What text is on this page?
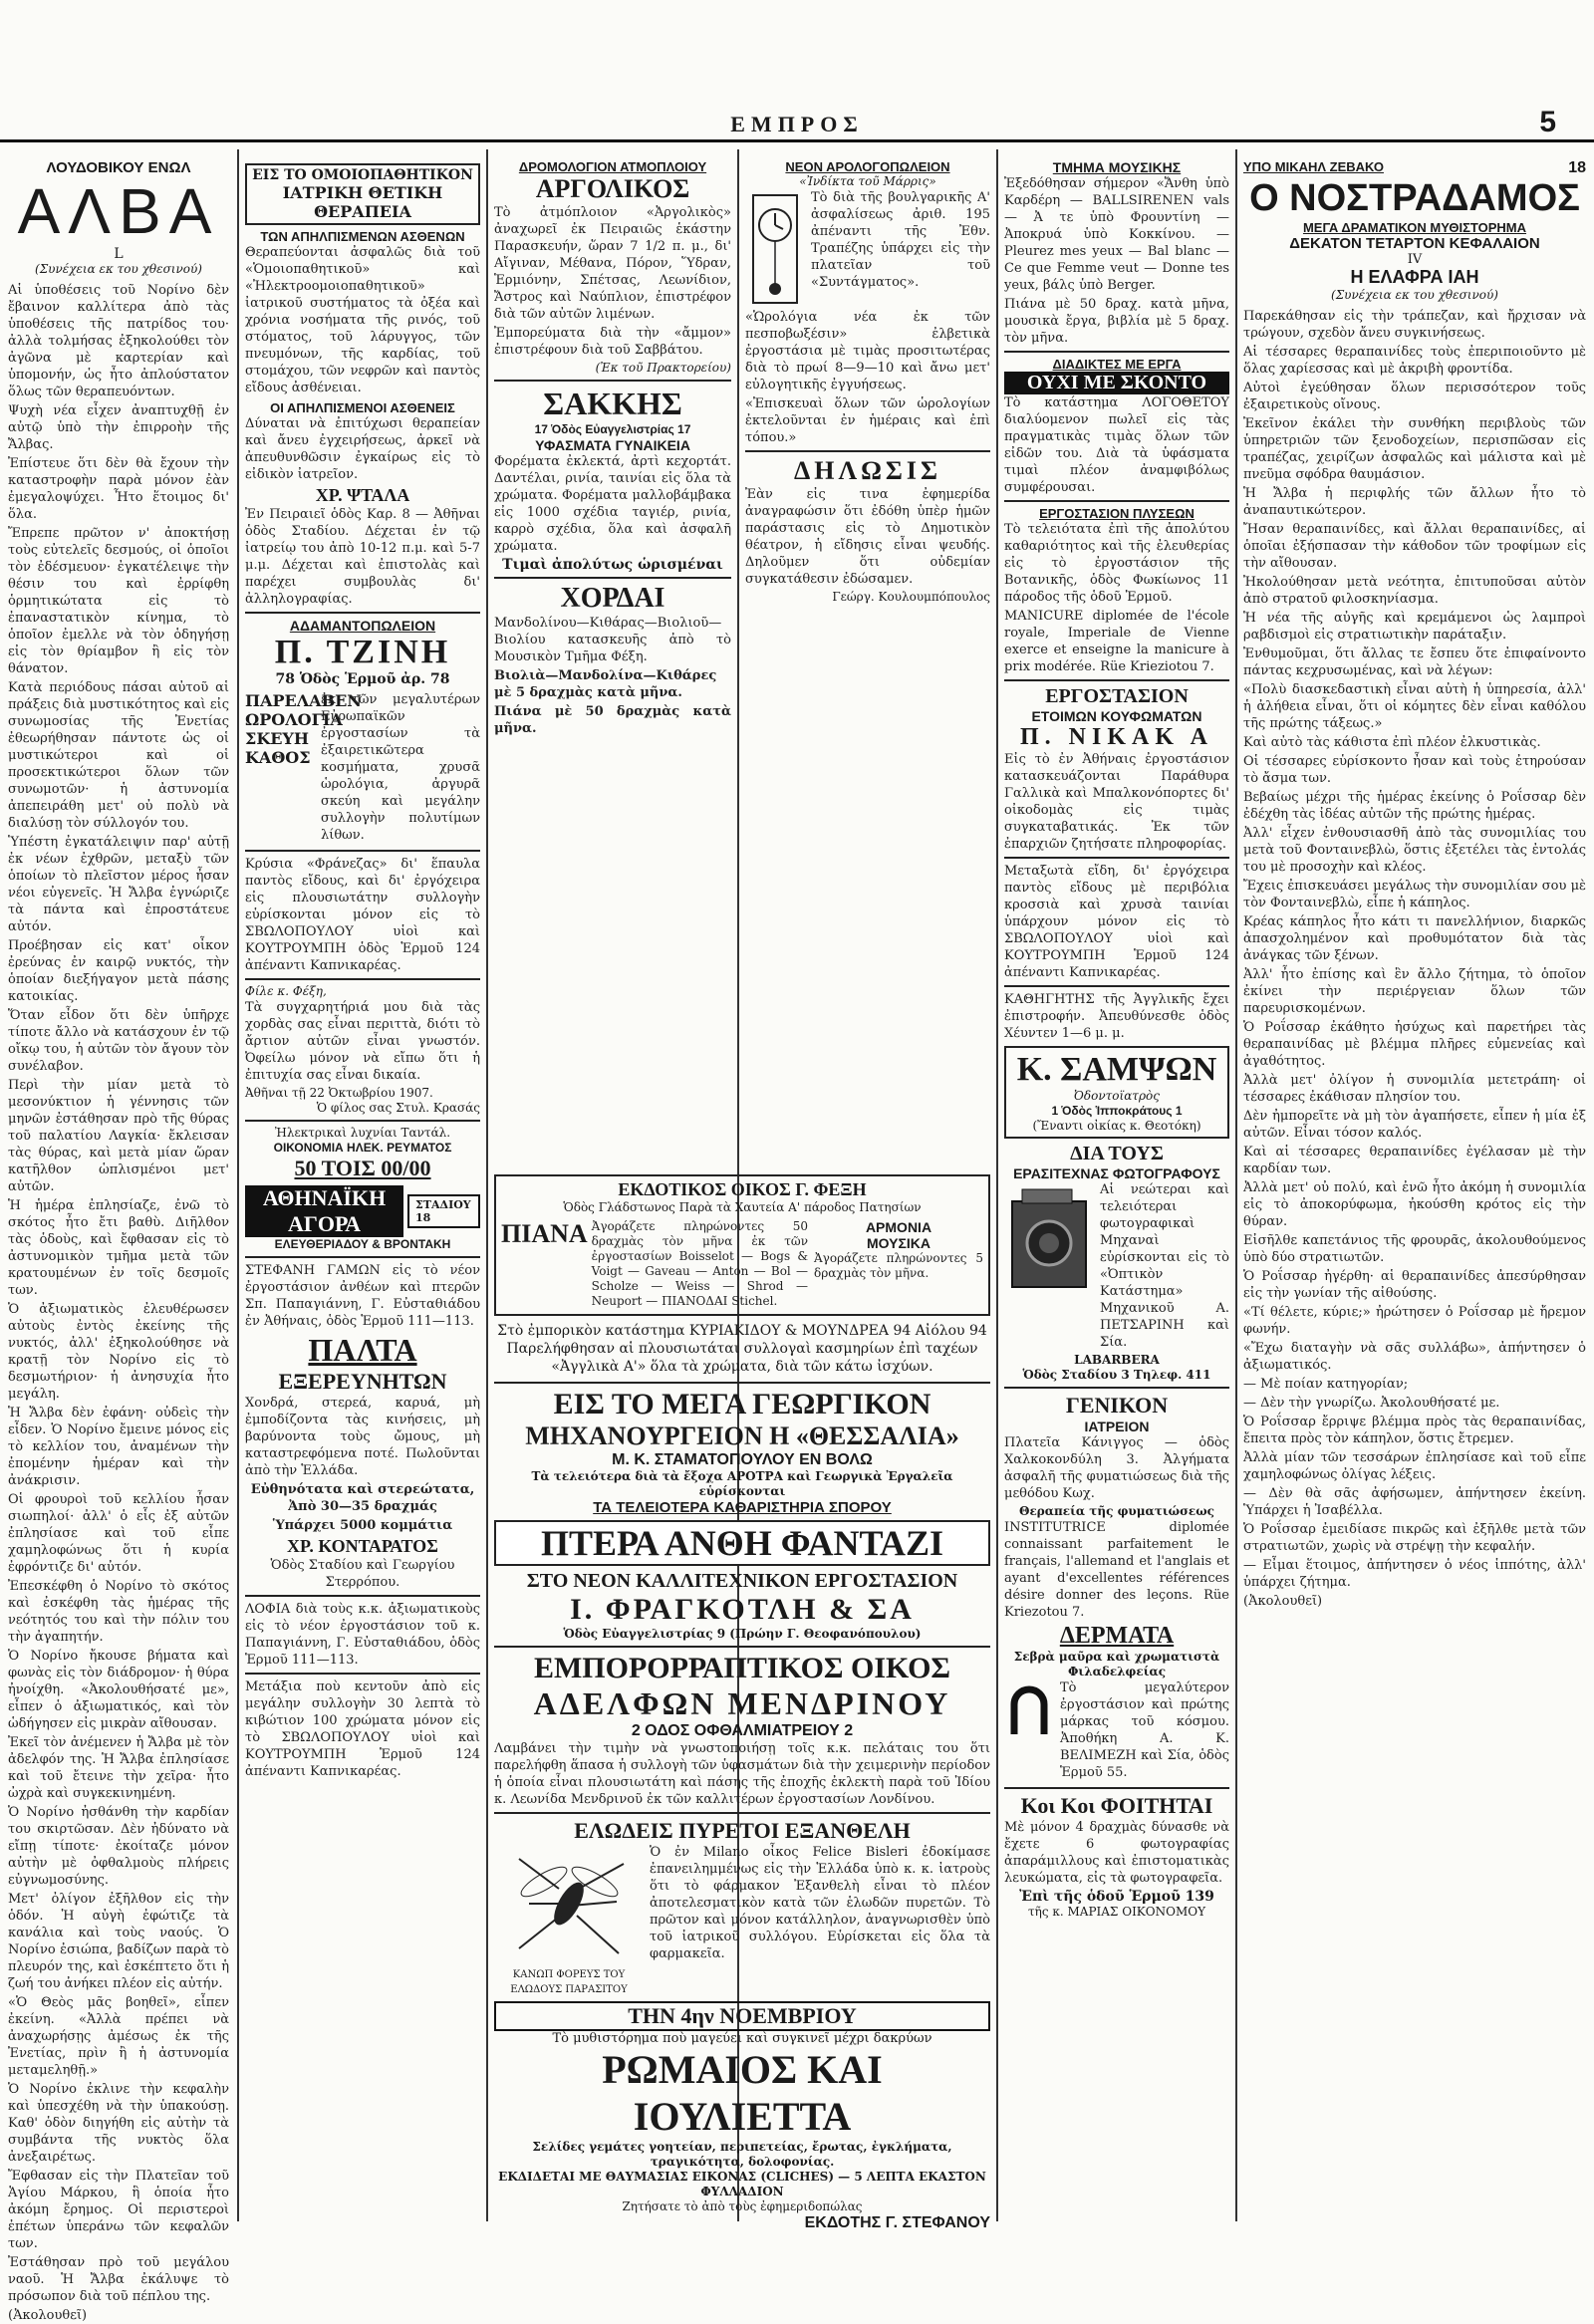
ΕΜΠΡΟΣ	5
ΛΟΥΔΟΒΙΚΟΥ ΕΝΩΛ
ΑΛΒΑ
L
(Συνέχεια εκ του χθεσινού)

Αἱ ὑποθέσεις τοῦ Νορίνο δὲν ἔβαινον καλλίτερα ἀπὸ τὰς ὑποθέσεις τῆς πατρίδος του· ἀλλὰ τολμήσας ἐξηκολούθει τὸν ἀγῶνα μὲ καρτερίαν καὶ ὑπομονήν, ὡς ἦτο ἀπλούστατον ὅλως τῶν θεραπευόντων.

Ψυχὴ νέα εἶχεν ἀναπτυχθῇ ἐν αὐτῷ ὑπὸ τὴν ἐπιρροὴν τῆς Ἄλβας.

Ἐπίστευε ὅτι δὲν θὰ ἔχουν τὴν καταστροφὴν παρὰ μόνον ἐὰν ἐμεγαλοψύχει. Ἦτο ἕτοιμος δι' ὅλα.

Ἔπρεπε πρῶτον ν' ἀποκτήσῃ τοὺς εὐτελεῖς δεσμούς, οἱ ὁποῖοι τὸν ἐδέσμευον· ἐγκατέλειψε τὴν θέσιν του καὶ ἐρρίφθη ὁρμητικώτατα εἰς τὸ ἐπαναστατικὸν κίνημα, τὸ ὁποῖον ἐμελλε νὰ τὸν ὁδηγήσῃ εἰς τὸν θρίαμβον ἢ εἰς τὸν θάνατον.

Κατὰ περιόδους πάσαι αὐτοῦ αἱ πράξεις διὰ μυστικότητος καὶ εἰς συνωμοσίας τῆς Ἐνετίας ἐθεωρήθησαν πάντοτε ὡς οἱ μυστικώτεροι καὶ οἱ προσεκτικώτεροι ὅλων τῶν συνωμοτῶν· ἡ ἀστυνομία ἀπεπειράθη μετ' οὐ πολὺ νὰ διαλύσῃ τὸν σύλλογόν του.

Ὑπέστη ἐγκατάλειψιν παρ' αὐτῇ ἐκ νέων ἐχθρῶν, μεταξὺ τῶν ὁποίων τὸ πλεῖστον μέρος ἦσαν νέοι εὐγενεῖς. Ἡ Ἄλβα ἐγνώριζε τὰ πάντα καὶ ἐπροστάτευε αὐτόν.

Προέβησαν εἰς κατ' οἶκον ἐρεύνας ἐν καιρῷ νυκτός, τὴν ὁποίαν διεξήγαγον μετὰ πάσης κατοικίας.

Ὅταν εἶδον ὅτι δὲν ὑπῆρχε τίποτε ἄλλο νὰ κατάσχουν ἐν τῷ οἴκῳ του, ἡ αὐτῶν τὸν ἄγουν τὸν συνέλαβον.

Περὶ τὴν μίαν μετὰ τὸ μεσονύκτιον ἡ γέννησις τῶν μηνῶν ἐστάθησαν πρὸ τῆς θύρας τοῦ παλατίου Λαγκία· ἔκλεισαν τὰς θύρας, καὶ μετὰ μίαν ὥραν κατῆλθον ὡπλισμένοι μετ' αὐτῶν.

Ἡ ἡμέρα ἐπλησίαζε, ἐνῶ τὸ σκότος ἦτο ἔτι βαθὺ. Διῆλθον τὰς ὁδοὺς, καὶ ἔφθασαν εἰς τὸ ἀστυνομικὸν τμῆμα μετὰ τῶν κρατουμένων ἐν τοῖς δεσμοῖς των.

Ὁ ἀξιωματικὸς ἐλευθέρωσεν αὐτοὺς ἐντὸς ἐκείνης τῆς νυκτός, ἀλλ' ἐξηκολούθησε νὰ κρατῇ τὸν Νορίνο εἰς τὸ δεσμωτήριον· ἡ ἀνησυχία ἦτο μεγάλη.

Ἡ Ἄλβα δὲν ἐφάνη· οὐδεὶς τὴν εἶδεν. Ὁ Νορίνο ἔμεινε μόνος εἰς τὸ κελλίον του, ἀναμένων τὴν ἐπομένην ἡμέραν καὶ τὴν ἀνάκρισιν.

Οἱ φρουροὶ τοῦ κελλίου ἦσαν σιωπηλοί· ἀλλ' ὁ εἷς ἐξ αὐτῶν ἐπλησίασε καὶ τοῦ εἶπε χαμηλοφώνως ὅτι ἡ κυρία ἐφρόντιζε δι' αὐτόν.

Ἐπεσκέφθη ὁ Νορίνο τὸ σκότος καὶ ἐσκέφθη τὰς ἡμέρας τῆς νεότητός του καὶ τὴν πόλιν του τὴν ἀγαπητήν.

Ὁ Νορίνο ἤκουσε βήματα καὶ φωνὰς εἰς τὸν διάδρομον· ἡ θύρα ἠνοίχθη. «Ἀκολουθήσατέ με», εἶπεν ὁ ἀξιωματικός, καὶ τὸν ὡδήγησεν εἰς μικρὰν αἴθουσαν.

Ἐκεῖ τὸν ἀνέμενεν ἡ Ἄλβα μὲ τὸν ἀδελφόν της. Ἡ Ἄλβα ἐπλησίασε καὶ τοῦ ἔτεινε τὴν χεῖρα· ἦτο ὠχρὰ καὶ συγκεκινημένη.

Ὁ Νορίνο ἠσθάνθη τὴν καρδίαν του σκιρτῶσαν. Δὲν ἠδύνατο νὰ εἴπῃ τίποτε· ἐκοίταζε μόνον αὐτὴν μὲ ὀφθαλμοὺς πλήρεις εὐγνωμοσύνης.

Μετ' ὀλίγον ἐξῆλθον εἰς τὴν ὁδόν. Ἡ αὐγὴ ἐφώτιζε τὰ κανάλια καὶ τοὺς ναούς. Ὁ Νορίνο ἐσιώπα, βαδίζων παρὰ τὸ πλευρόν της, καὶ ἐσκέπτετο ὅτι ἡ ζωή του ἀνήκει πλέον εἰς αὐτήν.

«Ὁ Θεὸς μᾶς βοηθεῖ», εἶπεν ἐκείνη. «Ἀλλὰ πρέπει νὰ ἀναχωρήσῃς ἀμέσως ἐκ τῆς Ἐνετίας, πρὶν ἢ ἡ ἀστυνομία μεταμεληθῇ.»

Ὁ Νορίνο ἐκλινε τὴν κεφαλὴν καὶ ὑπεσχέθη νὰ τὴν ὑπακούσῃ. Καθ' ὁδὸν διηγήθη εἰς αὐτὴν τὰ συμβάντα τῆς νυκτὸς ὅλα ἀνεξαιρέτως.

Ἔφθασαν εἰς τὴν Πλατεῖαν τοῦ Ἁγίου Μάρκου, ἣ ὁποία ἦτο ἀκόμη ἔρημος. Οἱ περιστεροὶ ἐπέτων ὑπεράνω τῶν κεφαλῶν των.

Ἐστάθησαν πρὸ τοῦ μεγάλου ναοῦ. Ἡ Ἄλβα ἐκάλυψε τὸ πρόσωπον διὰ τοῦ πέπλου της.

(Ἀκολουθεῖ)

ΕΙΣ ΤΟ ΟΜΟΙΟΠΑΘΗΤΙΚΟΝ
ΙΑΤΡΙΚΗ ΘΕΤΙΚΗ ΘΕΡΑΠΕΙΑ
ΤΩΝ ΑΠΗΛΠΙΣΜΕΝΩΝ ΑΣΘΕΝΩΝ

Θεραπεύονται ἀσφαλῶς διὰ τοῦ «Ὁμοιοπαθητικοῦ» καὶ «Ἠλεκτροομοιοπαθητικοῦ» ἰατρικοῦ συστήματος τὰ ὀξέα καὶ χρόνια νοσήματα τῆς ρινός, τοῦ στόματος, τοῦ λάρυγγος, τῶν πνευμόνων, τῆς καρδίας, τοῦ στομάχου, τῶν νεφρῶν καὶ παντὸς εἴδους ἀσθένειαι.

ΟΙ ΑΠΗΛΠΙΣΜΕΝΟΙ ΑΣΘΕΝΕΙΣ

Δύναται νὰ ἐπιτύχωσι θεραπείαν καὶ ἄνευ ἐγχειρήσεως, ἀρκεῖ νὰ ἀπευθυνθῶσιν ἐγκαίρως εἰς τὸ εἰδικὸν ἰατρεῖον.

ΧΡ. ΨΤΑΛΑ

Ἐν Πειραιεῖ ὁδὸς Καρ. 8 — Ἀθῆναι ὁδὸς Σταδίου. Δέχεται ἐν τῷ ἰατρείῳ του ἀπὸ 10-12 π.μ. καὶ 5-7 μ.μ. Δέχεται καὶ ἐπιστολὰς καὶ παρέχει συμβουλὰς δι' ἀλληλογραφίας.

ΑΔΑΜΑΝΤΟΠΩΛΕΙΟΝ
Π. ΤΖΙΝΗ
78 Ὁδὸς Ἑρμοῦ ἀρ. 78
ΠΑΡΕΛΑΒΕΝ
ΩΡΟΛΟΓΙΑ
ΣΚΕΥΗ
ΚΑΘΟΣ

ἐκ τῶν μεγαλυτέρων Εὐρωπαϊκῶν ἐργοστασίων τὰ ἐξαιρετικῶτερα κοσμήματα, χρυσᾶ ὡρολόγια, ἀργυρᾶ σκεύη καὶ μεγάλην συλλογὴν πολυτίμων λίθων.

Κρύσια «Φράνεζας» δι' ἕπαυλα παντὸς εἴδους, καὶ δι' ἐργόχειρα εἰς πλουσιωτάτην συλλογὴν εὑρίσκονται μόνον εἰς τὸ ΣΒΩΛΟΠΟΥΛΟΥ υἱοὶ καὶ ΚΟΥΤΡΟΥΜΠΗ ὁδὸς Ἑρμοῦ 124 ἀπέναντι Καπνικαρέας.

Φίλε κ. Φέξη,

Τὰ συγχαρητήριά μου διὰ τὰς χορδὰς σας εἶναι περιττὰ, διότι τὸ ἄρτιον αὐτῶν εἶναι γνωστόν. Ὀφείλω μόνον νὰ εἴπω ὅτι ἡ ἐπιτυχία σας εἶναι δικαία.

Ἀθῆναι τῇ 22 Ὀκτωβρίου 1907.
Ὁ φίλος σας Στυλ. Κρασάς
Ἠλεκτρικαὶ λυχνίαι Ταντάλ.
ΟΙΚΟΝΟΜΙΑ ΗΛΕΚ. ΡΕΥΜΑΤΟΣ
50 ΤΟΙΣ 00/00
ΑΘΗΝΑΪΚΗ ΑΓΟΡΑ
ΣΤΑΔΙΟΥ 18
ΕΛΕΥΘΕΡΙΑΔΟΥ & ΒΡΟΝΤΑΚΗ

ΣΤΕΦΑΝΗ ΓΑΜΩΝ εἰς τὸ νέον ἐργοστάσιον ἀνθέων καὶ πτερῶν Σπ. Παπαγιάννη, Γ. Εὐσταθιάδου ἐν Ἀθήναις, ὁδὸς Ἑρμοῦ 111—113.

ΠΑΛΤΑ
ΕΞΕΡΕΥΝΗΤΩΝ

Χονδρά, στερεά, καρυά, μὴ ἐμποδίζοντα τὰς κινήσεις, μὴ βαρύνοντα τοὺς ὤμους, μὴ καταστρεφόμενα ποτέ. Πωλοῦνται ἀπὸ τὴν Ἑλλάδα.

Εὐθηνότατα καὶ στερεώτατα, Ἀπὸ 30—35 δραχμάς

Ὑπάρχει 5000 κομμάτια

ΧΡ. ΚΟΝΤΑΡΑΤΟΣ

Ὁδὸς Σταδίου καὶ Γεωργίου Στερρόπου.

ΛΟΦΙΑ διὰ τοὺς κ.κ. ἀξιωματικοὺς εἰς τὸ νέον ἐργοστάσιον τοῦ κ. Παπαγιάννη, Γ. Εὐσταθιάδου, ὁδὸς Ἑρμοῦ 111—113.

Μετάξια ποὺ κεντοῦν ἀπὸ εἰς μεγάλην συλλογὴν 30 λεπτὰ τὸ κιβώτιον 100 χρώματα μόνον εἰς τὸ ΣΒΩΛΟΠΟΥΛΟΥ υἱοὶ καὶ ΚΟΥΤΡΟΥΜΠΗ Ἑρμοῦ 124 ἀπέναντι Καπνικαρέας.

ΔΡΟΜΟΛΟΓΙΟΝ ΑΤΜΟΠΛΟΙΟΥ
ΑΡΓΟΛΙΚΟΣ

Τὸ ἀτμόπλοιον «Ἀργολικὸς» ἀναχωρεῖ ἐκ Πειραιῶς ἑκάστην Παρασκευήν, ὥραν 7 1/2 π. μ., δι' Αἴγιναν, Μέθανα, Πόρον, Ὕδραν, Ἑρμιόνην, Σπέτσας, Λεωνίδιον, Ἄστρος καὶ Ναύπλιον, ἐπιστρέφον διὰ τῶν αὐτῶν λιμένων.

Ἐμπορεύματα διὰ τὴν «ἄμμον» ἐπιστρέφουν διὰ τοῦ Σαββάτου.

(Ἐκ τοῦ Πρακτορείου)
ΣΑΚΚΗΣ
17 Ὁδὸς Εὐαγγελιστρίας 17
ΥΦΑΣΜΑΤΑ ΓΥΝΑΙΚΕΙΑ

Φορέματα ἐκλεκτά, ἀρτὶ κεχορτάτ. Δαντέλαι, ρινία, ταινίαι εἰς ὅλα τὰ χρώματα. Φορέματα μαλλοβάμβακα εἰς 1000 σχέδια ταγιέρ, ρινία, καρρὸ σχέδια, ὅλα καὶ ἀσφαλῆ χρώματα.

Τιμαὶ ἀπολύτως ὡρισμέναι
ΧΟΡΔΑΙ

Μανδολίνου—Κιθάρας—Βιολιοῦ—Βιολίου κατασκευῆς ἀπὸ τὸ Μουσικὸν Τμῆμα Φέξη.

Βιολιὰ—Μανδολίνα—Κιθάρες μὲ 5 δραχμὰς κατὰ μῆνα.

Πιάνα μὲ 50 δραχμὰς κατὰ μῆνα.

ΝΕΟΝ ΑΡΟΛΟΓΟΠΩΛΕΙΟΝ
«Ἰνδίκτα τοῦ Μάρρις»

Τὸ διὰ τῆς βουλγαρικῆς Α' ἀσφαλίσεως ἀριθ. 195 ἀπέναντι τῆς Ἐθν. Τραπέζης ὑπάρχει εἰς τὴν πλατεῖαν τοῦ «Συντάγματος».

«Ὡρολόγια νέα ἐκ τῶν πεσποβωξέσιν» ἐλβετικὰ ἐργοστάσια μὲ τιμὰς προσιτωτέρας διὰ τὸ πρωί 8—9—10 καὶ ἄνω μετ' εὐλογητικῆς ἐγγυήσεως.

«Ἐπισκευαὶ ὅλων τῶν ὡρολογίων ἐκτελοῦνται ἐν ἡμέραις καὶ ἐπὶ τόπου.»

ΔΗΛΩΣΙΣ

Ἐὰν εἰς τινα ἐφημερίδα ἀναγραφώσιν ὅτι ἐδόθη ὑπὲρ ἡμῶν παράστασις εἰς τὸ Δημοτικὸν θέατρον, ἡ εἴδησις εἶναι ψευδής. Δηλοῦμεν ὅτι οὐδεμίαν συγκατάθεσιν ἐδώσαμεν.

Γεώργ. Κουλουμπόπουλος
ΤΜΗΜΑ ΜΟΥΣΙΚΗΣ

Ἐξεδόθησαν σήμερον «Ἄνθη ὑπὸ Καρδέρη — BALLSIRENEN vals — Ἀ τε ὑπὸ Φρουντίνη — Ἀποκρυά ὑπὸ Κοκκίνου. — Pleurez mes yeux — Bal blanc — Ce que Femme veut — Donne tes yeux, βάλς ὑπὸ Berger.

Πιάνα μὲ 50 δραχ. κατὰ μῆνα, μουσικὰ ἔργα, βιβλία μὲ 5 δραχ. τὸν μῆνα.

ΔΙΑΔΙΚΤΕΣ ΜΕ ΕΡΓΑ
ΟΥΧΙ ΜΕ ΣΚΟΝΤΟ

Τὸ κατάστημα ΛΟΓΟΘΕΤΟΥ διαλύομενον πωλεῖ εἰς τὰς πραγματικὰς τιμὰς ὅλων τῶν εἰδῶν του. Διὰ τὰ ὑφάσματα τιμαὶ πλέον ἀναμφιβόλως συμφέρουσαι.

ΕΡΓΟΣΤΑΣΙΟΝ ΠΛΥΣΕΩΝ

Τὸ τελειότατα ἐπὶ τῆς ἀπολύτου καθαριότητος καὶ τῆς ἐλευθερίας εἰς τὸ ἐργοστάσιον τῆς Βοτανικῆς, ὁδὸς Φωκίωνος 11 πάροδος τῆς ὁδοῦ Ἑρμοῦ.

MANICURE diplomée de l'école royale, Imperiale de Vienne exerce et enseigne la manicure à prix modérée. Rüe Krieziotou 7.

ΕΡΓΟΣΤΑΣΙΟΝ
ΕΤΟΙΜΩΝ ΚΟΥΦΩΜΑΤΩΝ
Π. ΝΙΚΑΚ Α

Εἰς τὸ ἐν Ἀθήναις ἐργοστάσιον κατασκευάζονται Παράθυρα Γαλλικὰ καὶ Μπαλκονόπορτες δι' οἰκοδομὰς εἰς τιμὰς συγκαταβατικάς. Ἐκ τῶν ἐπαρχιῶν ζητήσατε πληροφορίας.

Μεταξωτὰ εἴδη, δι' ἐργόχειρα παντὸς εἴδους μὲ περιβόλια κροσσιὰ καὶ χρυσὰ ταινίαι ὑπάρχουν μόνον εἰς τὸ ΣΒΩΛΟΠΟΥΛΟΥ υἱοὶ καὶ ΚΟΥΤΡΟΥΜΠΗ Ἑρμοῦ 124 ἀπέναντι Καπνικαρέας.

ΚΑΘΗΓΗΤΗΣ τῆς Ἀγγλικῆς ἔχει ἐπιστροφήν. Ἀπευθύνεσθε ὁδὸς Χέυντεν 1—6 μ. μ.

Κ. ΣΑΜΨΩΝ
Ὀδοντοϊατρὸς
1 Ὁδὸς Ἱπποκράτους 1
(Ἔναντι οἰκίας κ. Θεοτόκη)
ΔΙΑ ΤΟΥΣ
ΕΡΑΣΙΤΕΧΝΑΣ ΦΩΤΟΓΡΑΦΟΥΣ

Αἱ νεώτεραι καὶ τελειότεραι φωτογραφικαὶ Μηχαναὶ εὑρίσκονται εἰς τὸ «Ὀπτικὸν Κατάστημα» Μηχανικοῦ Α. ΠΕΤΣΑΡΙΝΗ καὶ Σία.

LABARBERA
Ὁδὸς Σταδίου 3 Τηλεφ. 411
ΓΕΝΙΚΟΝ
ΙΑΤΡΕΙΟΝ

Πλατεῖα Κάνιγγος — ὁδὸς Χαλκοκονδύλη 3. Ἀλγήματα ἀσφαλῆ τῆς φυματιώσεως διὰ τῆς μεθόδου Κωχ.

Θεραπεία τῆς φυματιώσεως

INSTITUTRICE diplomée connaissant parfaitement le français, l'allemand et l'anglais et ayant d'excellentes références désire donner des leçons. Rüe Kriezotou 7.

ΔΕΡΜΑΤΑ
Σεβρὰ μαῦρα καὶ χρωματιστὰ Φιλαδελφείας

Τὸ μεγαλύτερον ἐργοστάσιον καὶ πρώτης μάρκας τοῦ κόσμου. Ἀποθήκη Α. Κ. ΒΕΛΙΜΕΖΗ καὶ Σία, ὁδὸς Ἑρμοῦ 55.

Κοι Κοι ΦΟΙΤΗΤΑΙ

Μὲ μόνον 4 δραχμὰς δύνασθε νὰ ἔχετε 6 φωτογραφίας ἀπαράμιλλους καὶ ἐπιστοματικὰς λευκώματα, εἰς τὰ φωτογραφεῖα.

Ἐπὶ τῆς ὁδοῦ Ἑρμοῦ 139
τῆς κ. ΜΑΡΙΑΣ ΟΙΚΟΝΟΜΟΥ
ΥΠΟ ΜΙΚΑΗΛ ΖΕΒΑΚΟ	18
Ο ΝΟΣΤΡΑΔΑΜΟΣ
ΜΕΓΑ ΔΡΑΜΑΤΙΚΟΝ ΜΥΘΙΣΤΟΡΗΜΑ
ΔΕΚΑΤΟΝ ΤΕΤΑΡΤΟΝ ΚΕΦΑΛΑΙΟΝ
IV
Η ΕΛΑΦΡΑ ΙΑΗ
(Συνέχεια εκ του χθεσινού)

Παρεκάθησαν εἰς τὴν τράπεζαν, καὶ ἤρχισαν νὰ τρώγουν, σχεδὸν ἄνευ συγκινήσεως.

Αἱ τέσσαρες θεραπαινίδες τοὺς ἐπεριποιοῦντο μὲ ὅλας χαρίεσσας καὶ μὲ ἀκριβὴ φροντίδα.

Αὐτοὶ ἐγεύθησαν ὅλων περισσότερον τοῦς ἐξαιρετικοὺς οἴνους.

Ἐκεῖνον ἐκάλει τὴν συνθήκη περιβλοὺς τῶν ὑπηρετριῶν τῶν ξενοδοχείων, περισπῶσαν εἰς τραπέζας, χειρίζων ἀσφαλῶς καὶ μάλιστα καὶ μὲ πνεῦμα σφόδρα θαυμάσιον.

Ἡ Ἄλβα ἡ περιφλής τῶν ἄλλων ἦτο τὸ ἀναπαυτικώτερον.

Ἤσαν θεραπαινίδες, καὶ ἄλλαι θεραπαινίδες, αἱ ὁποῖαι ἐξήσπασαν τὴν κάθοδον τῶν τροφίμων εἰς τὴν αἴθουσαν.

Ἠκολούθησαν μετὰ νεότητα, ἐπιτυποῦσαι αὐτὸν ἀπὸ στρατοῦ φιλοσκηνίασμα.

Ἡ νέα τῆς αὐγῆς καὶ κρεμάμενοι ὡς λαμπροὶ ραβδισμοὶ εἰς στρατιωτικὴν παράταξιν.

Ἐνθυμοῦμαι, ὅτι ἄλλας τε ἔσπευ ὅτε ἐπιφαίνοντο πάντας κεχρυσωμένας, καὶ νὰ λέγων:

«Πολὺ διασκεδαστικὴ εἶναι αὐτὴ ἡ ὑπηρεσία, ἀλλ' ἡ ἀλήθεια εἶναι, ὅτι οἱ κόμητες δὲν εἶναι καθόλου τῆς πρώτης τάξεως.»

Καὶ αὐτὸ τὰς κάθιστα ἐπὶ πλέον ἐλκυστικὰς.

Οἱ τέσσαρες εὑρίσκοντο ἦσαν καὶ τοὺς ἐτηρούσαν τὸ ἄσμα των.

Βεβαίως μέχρι τῆς ἡμέρας ἐκείνης ὁ Ροΐσσαρ δὲν ἐδέχθη τὰς ἰδέας αὐτῶν τῆς πρώτης ἡμέρας.

Ἀλλ' εἶχεν ἐνθουσιασθῆ ἀπὸ τὰς συνομιλίας του μετὰ τοῦ Φονταινεβλὼ, ὅστις ἐξετέλει τὰς ἐντολάς του μὲ προσοχὴν καὶ κλέος.

Ἔχεις ἐπισκευάσει μεγάλως τὴν συνομιλίαν σου μὲ τὸν Φονταινεβλὼ, εἶπε ἡ κάπηλος.

Κρέας κάπηλος ἦτο κάτι τι πανελλήνιον, διαρκῶς ἀπασχολημένον καὶ προθυμότατον διὰ τὰς ἀνάγκας τῶν ξένων.

Ἀλλ' ἦτο ἐπίσης καὶ ἓν ἄλλο ζήτημα, τὸ ὁποῖον ἐκίνει τὴν περιέργειαν ὅλων τῶν παρευρισκομένων.

Ὁ Ροΐσσαρ ἐκάθητο ἡσύχως καὶ παρετήρει τὰς θεραπαινίδας μὲ βλέμμα πλῆρες εὐμενείας καὶ ἀγαθότητος.

Ἀλλὰ μετ' ὀλίγον ἡ συνομιλία μετετράπη· οἱ τέσσαρες ἐκάθισαν πλησίον του.

Δὲν ἠμπορεῖτε νὰ μὴ τὸν ἀγαπήσετε, εἶπεν ἡ μία ἐξ αὐτῶν. Εἶναι τόσον καλός.

Καὶ αἱ τέσσαρες θεραπαινίδες ἐγέλασαν μὲ τὴν καρδίαν των.

Ἀλλὰ μετ' οὐ πολύ, καὶ ἐνῶ ἦτο ἀκόμη ἡ συνομιλία εἰς τὸ ἀποκορύφωμα, ἠκούσθη κρότος εἰς τὴν θύραν.

Εἰσῆλθε καπετάνιος τῆς φρουρᾶς, ἀκολουθούμενος ὑπὸ δύο στρατιωτῶν.

Ὁ Ροΐσσαρ ἠγέρθη· αἱ θεραπαινίδες ἀπεσύρθησαν εἰς τὴν γωνίαν τῆς αἰθούσης.

«Τί θέλετε, κύριε;» ἠρώτησεν ὁ Ροΐσσαρ μὲ ἤρεμον φωνήν.

«Ἔχω διαταγὴν νὰ σᾶς συλλάβω», ἀπήντησεν ὁ ἀξιωματικός.

— Μὲ ποίαν κατηγορίαν;

— Δὲν τὴν γνωρίζω. Ἀκολουθήσατέ με.

Ὁ Ροΐσσαρ ἔρριψε βλέμμα πρὸς τὰς θεραπαινίδας, ἔπειτα πρὸς τὸν κάπηλον, ὅστις ἔτρεμεν.

Ἀλλὰ μίαν τῶν τεσσάρων ἐπλησίασε καὶ τοῦ εἶπε χαμηλοφώνως ὀλίγας λέξεις.

— Δὲν θὰ σᾶς ἀφήσωμεν, ἀπήντησεν ἐκείνη. Ὑπάρχει ἡ Ἰσαβέλλα.

Ὁ Ροΐσσαρ ἐμειδίασε πικρῶς καὶ ἐξῆλθε μετὰ τῶν στρατιωτῶν, χωρὶς νὰ στρέψῃ τὴν κεφαλήν.

— Εἶμαι ἕτοιμος, ἀπήντησεν ὁ νέος ἱππότης, ἀλλ' ὑπάρχει ζήτημα.

(Ἀκολουθεῖ)

ΕΚΔΟΤΙΚΟΣ ΟΙΚΟΣ Γ. ΦΕΞΗ
Ὁδὸς Γλάδστωνος Παρὰ τὰ Χαυτεία Α' πάροδος Πατησίων
ΠΙΑΝΑ Ἀγοράζετε πληρώνοντες 50 δραχμὰς τὸν μῆνα ἐκ τῶν ἐργοστασίων Boisselot — Bogs & Voigt — Gaveau — Anton — Bol — Scholze — Weiss — Shrod — Neuport — ΠΙΑΝΟΔΑΙ Stichel.

ΑΡΜΟΝΙΑ
ΜΟΥΣΙΚΑ

Ἀγοράζετε πληρώνοντες 5 δραχμὰς τὸν μῆνα.

Στὸ ἐμπορικὸν κατάστημα ΚΥΡΙΑΚΙΔΟΥ & ΜΟΥΝΔΡΕΑ 94 Αἰόλου 94 Παρελήφθησαν αἱ πλουσιωτάται συλλογαὶ κασμηρίων ἐπὶ ταχέων «Ἀγγλικὰ Α'» ὅλα τὰ χρώματα, διὰ τῶν κάτω ἰσχύων.
ΕΙΣ ΤΟ ΜΕΓΑ ΓΕΩΡΓΙΚΟΝ
ΜΗΧΑΝΟΥΡΓΕΙΟΝ Η «ΘΕΣΣΑΛΙΑ»
Μ. Κ. ΣΤΑΜΑΤΟΠΟΥΛΟΥ ΕΝ ΒΟΛΩ
Τὰ τελειότερα διὰ τὰ ἔξοχα ΑΡΟΤΡΑ καὶ Γεωργικὰ Ἐργαλεῖα εὑρίσκονται
ΤΑ ΤΕΛΕΙΟΤΕΡΑ ΚΑΘΑΡΙΣΤΗΡΙΑ ΣΠΟΡΟΥ
ΠΤΕΡΑ ΑΝΘΗ ΦΑΝΤΑΖΙ
ΣΤΟ ΝΕΟΝ ΚΑΛΛΙΤΕΧΝΙΚΟΝ ΕΡΓΟΣΤΑΣΙΟΝ
Ι. ΦΡΑΓΚΟΤΛΗ & ΣΑ
Ὁδὸς Εὐαγγελιστρίας 9 (Πρώην Γ. Θεοφανόπουλου)
ΕΜΠΟΡΟΡΡΑΠΤΙΚΟΣ ΟΙΚΟΣ
ΑΔΕΛΦΩΝ ΜΕΝΔΡΙΝΟΥ
2 ΟΔΟΣ ΟΦΘΑΛΜΙΑΤΡΕΙΟΥ 2

Λαμβάνει τὴν τιμὴν νὰ γνωστοποιήσῃ τοῖς κ.κ. πελάταις του ὅτι παρελήφθη ἅπασα ἡ συλλογὴ τῶν ὑφασμάτων διὰ τὴν χειμερινὴν περίοδον ἡ ὁποία εἶναι πλουσιωτάτη καὶ πάσης τῆς ἐποχῆς ἐκλεκτὴ παρὰ τοῦ Ἰδίου κ. Λεωνίδα Μενδρινοῦ ἐκ τῶν καλλιτέρων ἐργοστασίων Λονδίνου.

ΕΛΩΔΕΙΣ ΠΥΡΕΤΟΙ ΕΞΑΝΘΕΛΗ
ΚΑΝΩΠ ΦΟΡΕΥΣ ΤΟΥ ΕΛΩΔΟΥΣ ΠΑΡΑΣΙΤΟΥ

Ὁ ἐν Milano οἶκος Felice Bisleri ἐδοκίμασε ἐπανειλημμένως εἰς τὴν Ἑλλάδα ὑπὸ κ. κ. ἰατροὺς ὅτι τὸ φάρμακον Ἐξανθελὴ εἶναι τὸ πλέον ἀποτελεσματικὸν κατὰ τῶν ἑλωδῶν πυρετῶν. Τὸ πρῶτον καὶ μόνον κατάλληλον, ἀναγνωρισθὲν ὑπὸ τοῦ ἰατρικοῦ συλλόγου. Εὑρίσκεται εἰς ὅλα τὰ φαρμακεῖα.

ΤΗΝ 4ην ΝΟΕΜΒΡΙΟΥ
Τὸ μυθιστόρημα ποὺ μαγεύει καὶ συγκινεῖ μέχρι δακρύων
ΡΩΜΑΙΟΣ ΚΑΙ ΙΟΥΛΙΕΤΤΑ
Σελίδες γεμάτες γοητείαν, περιπετείας, ἔρωτας, ἐγκλήματα, τραγικότητα, δολοφονίας.
ΕΚΔΙΔΕΤΑΙ ΜΕ ΘΑΥΜΑΣΙΑΣ ΕΙΚΟΝΑΣ (CLICHES) — 5 ΛΕΠΤΑ ΕΚΑΣΤΟΝ ΦΥΛΛΑΔΙΟΝ
Ζητήσατε τὸ ἀπὸ τοὺς ἐφημεριδοπώλας
ΕΚΔΟΤΗΣ Γ. ΣΤΕΦΑΝΟΥ
